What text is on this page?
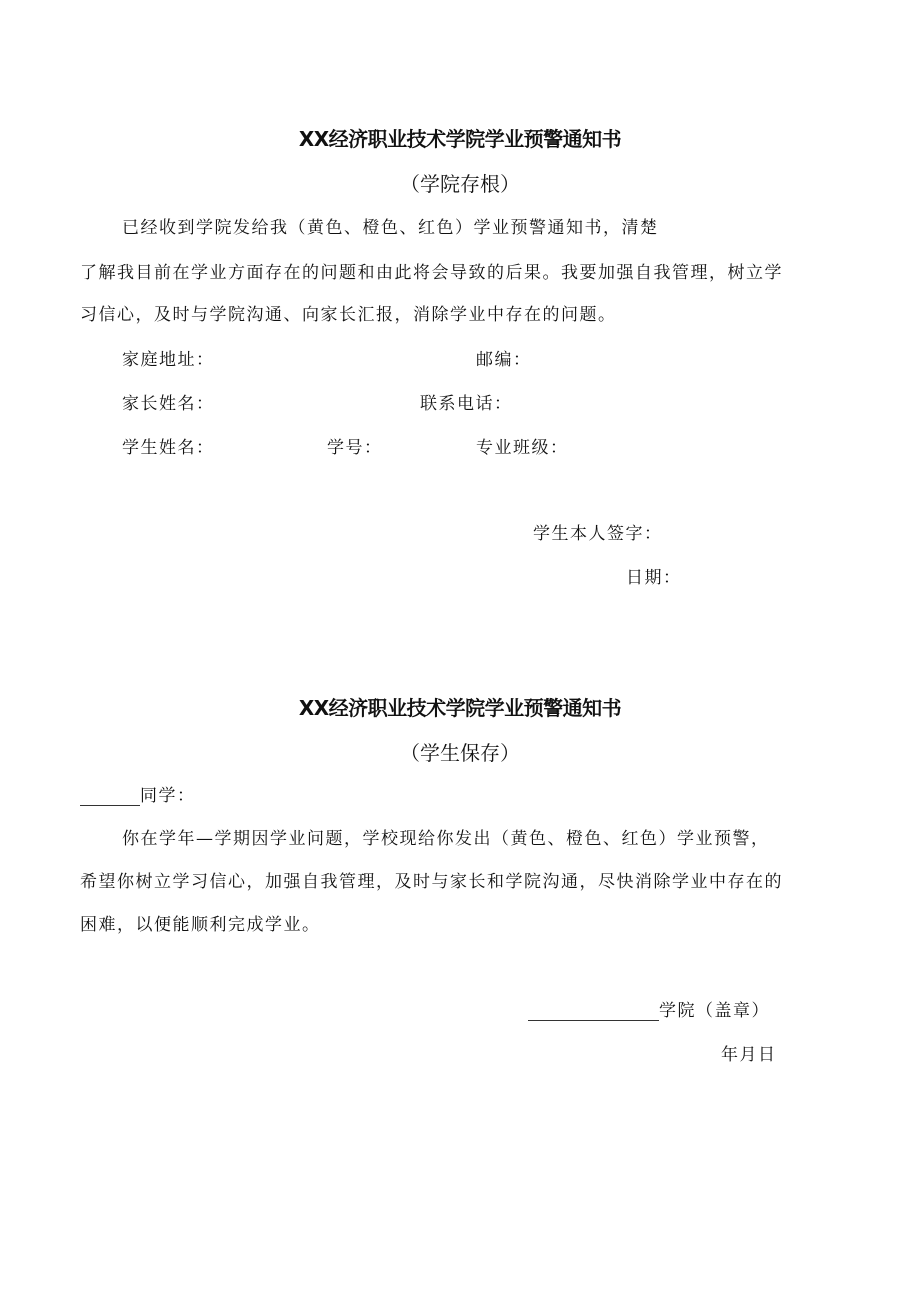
XX经济职业技术学院学业预警通知书
（学院存根）
已经收到学院发给我（黄色、橙色、红色）学业预警通知书，清楚
了解我目前在学业方面存在的问题和由此将会导致的后果。我要加强自我管理，树立学
习信心，及时与学院沟通、向家长汇报，消除学业中存在的问题。
家庭地址：	邮编：
家长姓名：	联系电话：
学生姓名：	学号：	专业班级：
学生本人签字：
日期：
XX经济职业技术学院学业预警通知书
（学生保存）
同学：
你在学年—学期因学业问题，学校现给你发出（黄色、橙色、红色）学业预警，
希望你树立学习信心，加强自我管理，及时与家长和学院沟通，尽快消除学业中存在的
困难，以便能顺利完成学业。
学院（盖章）
年月日
